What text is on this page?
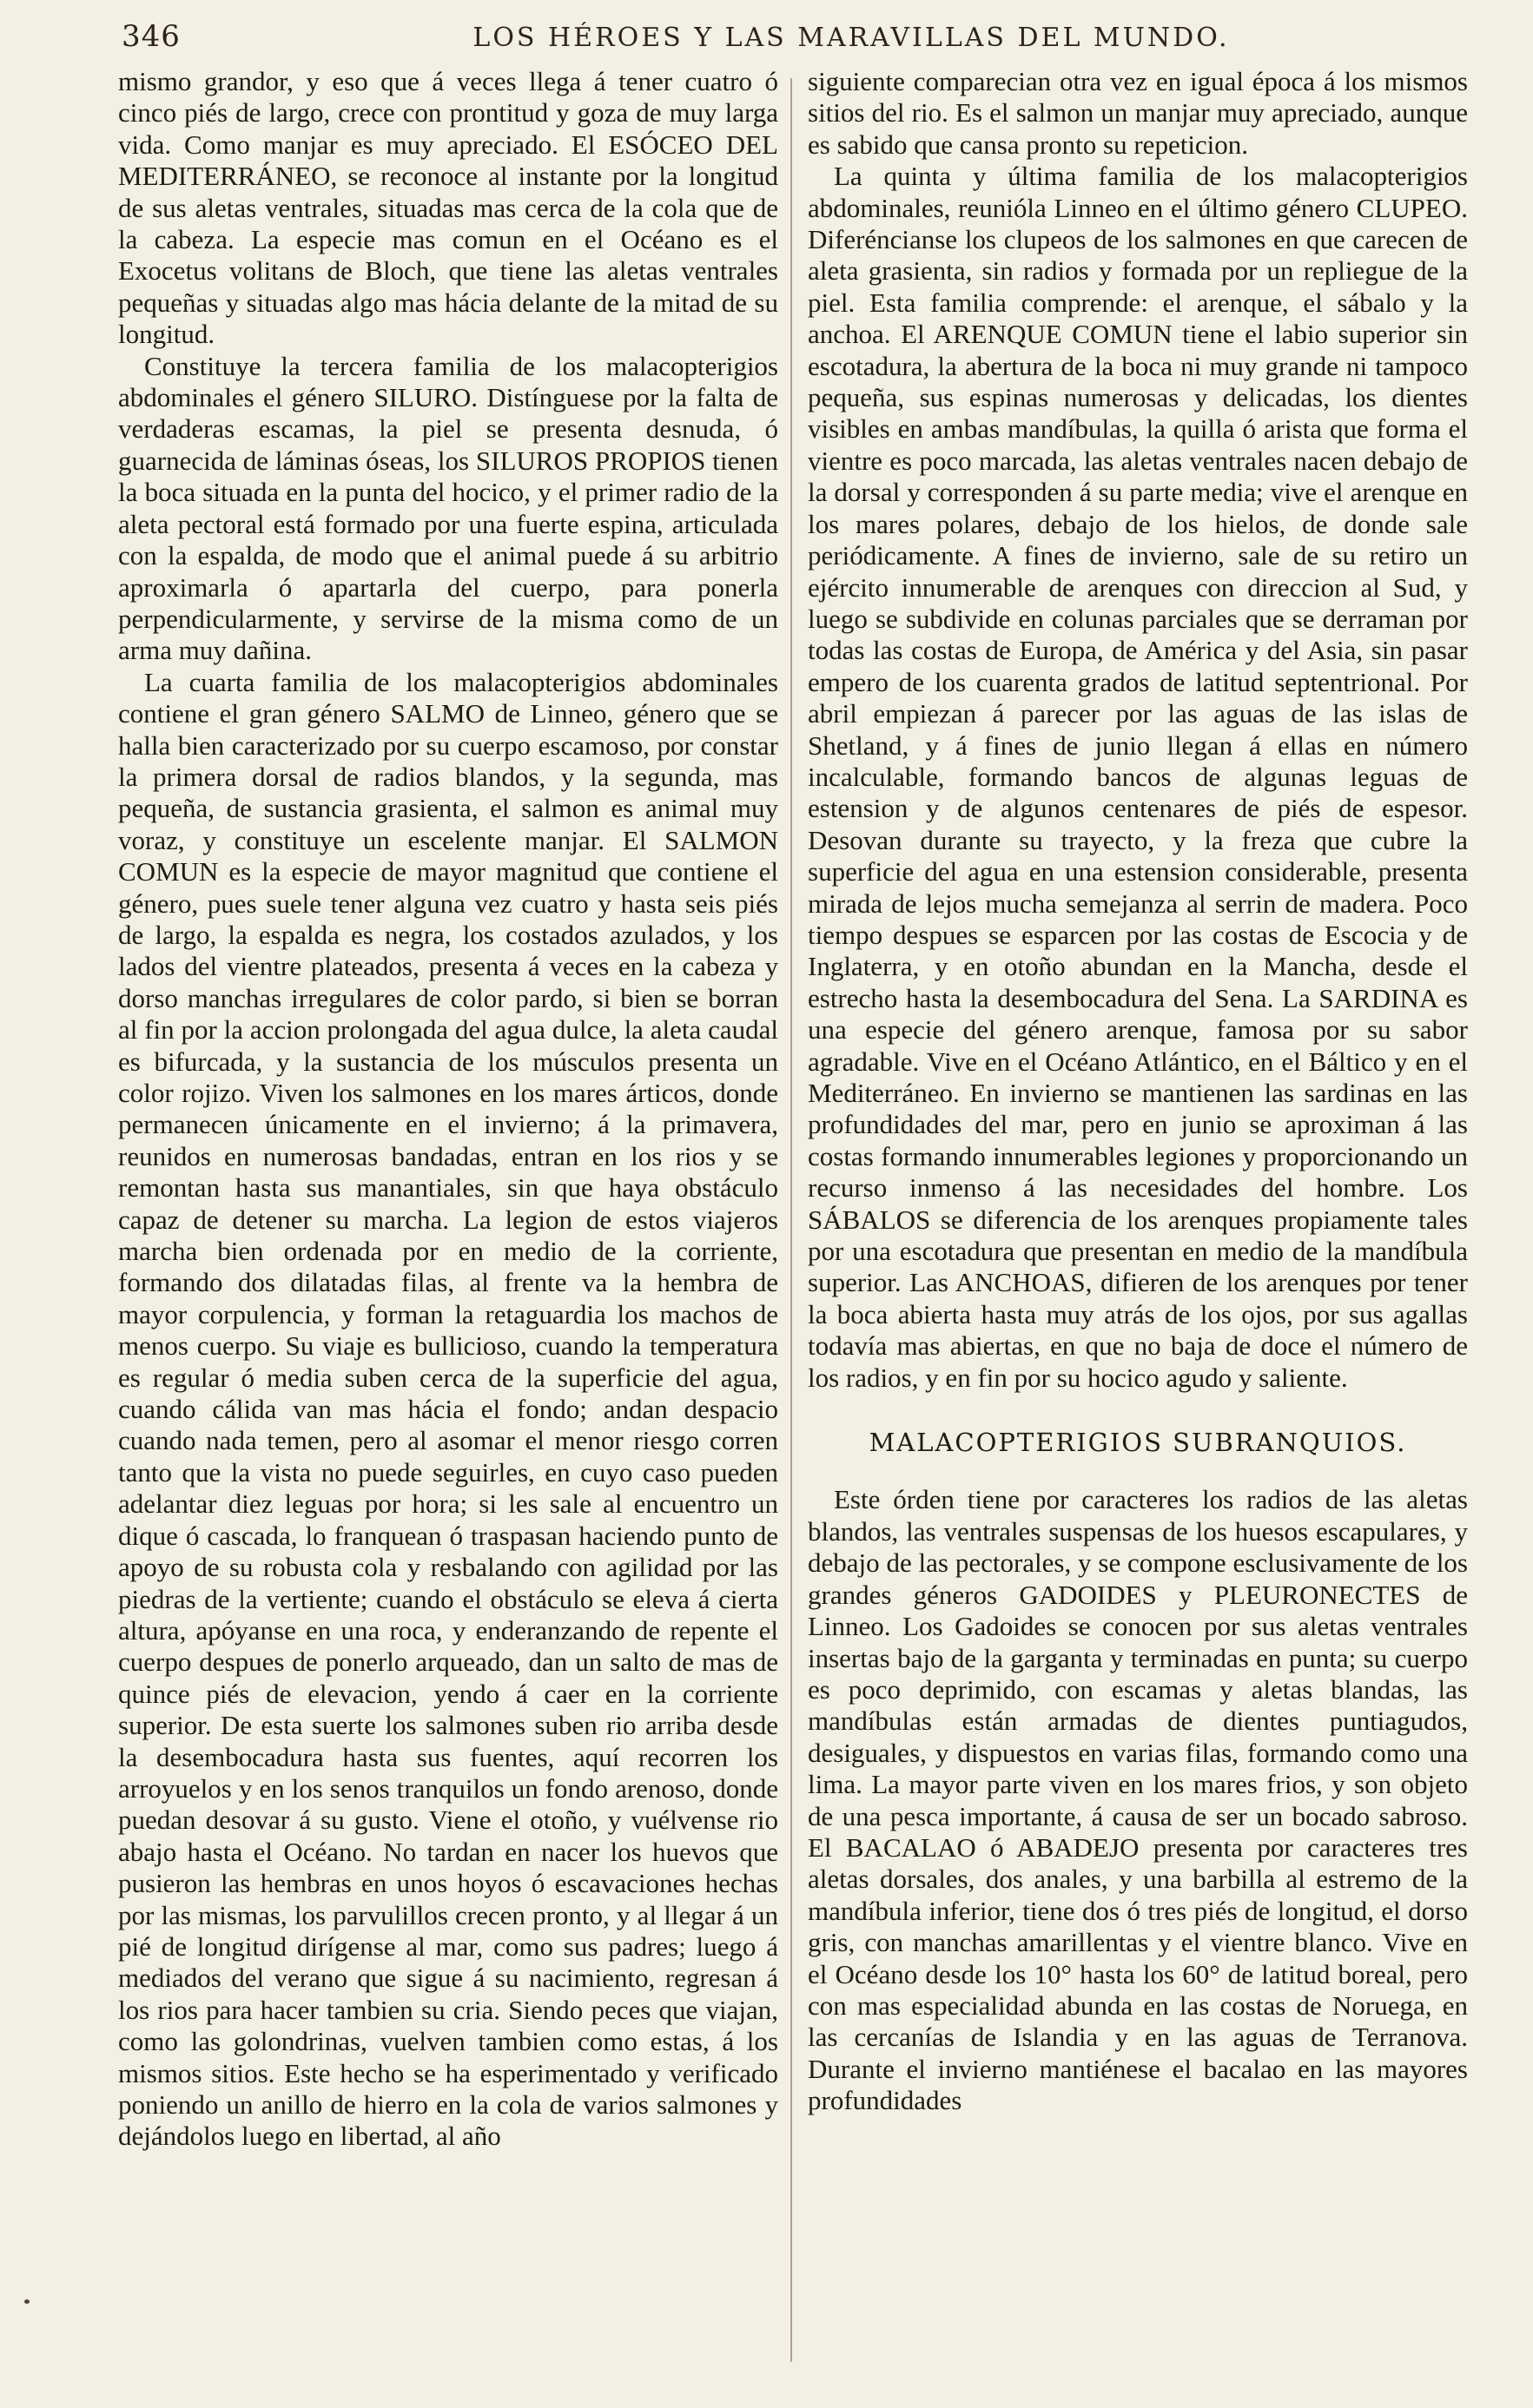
346	LOS HÉROES Y LAS MARAVILLAS DEL MUNDO.

mismo grandor, y eso que á veces llega á tener cuatro ó cinco piés de largo, crece con prontitud y goza de muy larga vida. Como manjar es muy apreciado. El ESÓCEO DEL MEDITERRÁNEO, se reconoce al instante por la longitud de sus aletas ventrales, situadas mas cerca de la cola que de la cabeza. La especie mas comun en el Océano es el Exocetus volitans de Bloch, que tiene las aletas ventrales pequeñas y situadas algo mas hácia delante de la mitad de su longitud.

Constituye la tercera familia de los malacopterigios abdominales el género SILURO. Distínguese por la falta de verdaderas escamas, la piel se presenta desnuda, ó guarnecida de láminas óseas, los SILUROS PROPIOS tienen la boca situada en la punta del hocico, y el primer radio de la aleta pectoral está formado por una fuerte espina, articulada con la espalda, de modo que el animal puede á su arbitrio aproximarla ó apartarla del cuerpo, para ponerla perpendicularmente, y servirse de la misma como de un arma muy dañina.

La cuarta familia de los malacopterigios abdominales contiene el gran género SALMO de Linneo, género que se halla bien caracterizado por su cuerpo escamoso, por constar la primera dorsal de radios blandos, y la segunda, mas pequeña, de sustancia grasienta, el salmon es animal muy voraz, y constituye un escelente manjar. El SALMON COMUN es la especie de mayor magnitud que contiene el género, pues suele tener alguna vez cuatro y hasta seis piés de largo, la espalda es negra, los costados azulados, y los lados del vientre plateados, presenta á veces en la cabeza y dorso manchas irregulares de color pardo, si bien se borran al fin por la accion prolongada del agua dulce, la aleta caudal es bifurcada, y la sustancia de los músculos presenta un color rojizo. Viven los salmones en los mares árticos, donde permanecen únicamente en el invierno; á la primavera, reunidos en numerosas bandadas, entran en los rios y se remontan hasta sus manantiales, sin que haya obstáculo capaz de detener su marcha. La legion de estos viajeros marcha bien ordenada por en medio de la corriente, formando dos dilatadas filas, al frente va la hembra de mayor corpulencia, y forman la retaguardia los machos de menos cuerpo. Su viaje es bullicioso, cuando la temperatura es regular ó media suben cerca de la superficie del agua, cuando cálida van mas hácia el fondo; andan despacio cuando nada temen, pero al asomar el menor riesgo corren tanto que la vista no puede seguirles, en cuyo caso pueden adelantar diez leguas por hora; si les sale al encuentro un dique ó cascada, lo franquean ó traspasan haciendo punto de apoyo de su robusta cola y resbalando con agilidad por las piedras de la vertiente; cuando el obstáculo se eleva á cierta altura, apóyanse en una roca, y enderanzando de repente el cuerpo despues de ponerlo arqueado, dan un salto de mas de quince piés de elevacion, yendo á caer en la corriente superior. De esta suerte los salmones suben rio arriba desde la desembocadura hasta sus fuentes, aquí recorren los arroyuelos y en los senos tranquilos un fondo arenoso, donde puedan desovar á su gusto. Viene el otoño, y vuélvense rio abajo hasta el Océano. No tardan en nacer los huevos que pusieron las hembras en unos hoyos ó escavaciones hechas por las mismas, los parvulillos crecen pronto, y al llegar á un pié de longitud dirígense al mar, como sus padres; luego á mediados del verano que sigue á su nacimiento, regresan á los rios para hacer tambien su cria. Siendo peces que viajan, como las golondrinas, vuelven tambien como estas, á los mismos sitios. Este hecho se ha esperimentado y verificado poniendo un anillo de hierro en la cola de varios salmones y dejándolos luego en libertad, al año

siguiente comparecian otra vez en igual época á los mismos sitios del rio. Es el salmon un manjar muy apreciado, aunque es sabido que cansa pronto su repeticion.

La quinta y última familia de los malacopterigios abdominales, reunióla Linneo en el último género CLUPEO. Diferéncianse los clupeos de los salmones en que carecen de aleta grasienta, sin radios y formada por un repliegue de la piel. Esta familia comprende: el arenque, el sábalo y la anchoa. El ARENQUE COMUN tiene el labio superior sin escotadura, la abertura de la boca ni muy grande ni tampoco pequeña, sus espinas numerosas y delicadas, los dientes visibles en ambas mandíbulas, la quilla ó arista que forma el vientre es poco marcada, las aletas ventrales nacen debajo de la dorsal y corresponden á su parte media; vive el arenque en los mares polares, debajo de los hielos, de donde sale periódicamente. A fines de invierno, sale de su retiro un ejército innumerable de arenques con direccion al Sud, y luego se subdivide en colunas parciales que se derraman por todas las costas de Europa, de América y del Asia, sin pasar empero de los cuarenta grados de latitud septentrional. Por abril empiezan á parecer por las aguas de las islas de Shetland, y á fines de junio llegan á ellas en número incalculable, formando bancos de algunas leguas de estension y de algunos centenares de piés de espesor. Desovan durante su trayecto, y la freza que cubre la superficie del agua en una estension considerable, presenta mirada de lejos mucha semejanza al serrin de madera. Poco tiempo despues se esparcen por las costas de Escocia y de Inglaterra, y en otoño abundan en la Mancha, desde el estrecho hasta la desembocadura del Sena. La SARDINA es una especie del género arenque, famosa por su sabor agradable. Vive en el Océano Atlántico, en el Báltico y en el Mediterráneo. En invierno se mantienen las sardinas en las profundidades del mar, pero en junio se aproximan á las costas formando innumerables legiones y proporcionando un recurso inmenso á las necesidades del hombre. Los SÁBALOS se diferencia de los arenques propiamente tales por una escotadura que presentan en medio de la mandíbula superior. Las ANCHOAS, difieren de los arenques por tener la boca abierta hasta muy atrás de los ojos, por sus agallas todavía mas abiertas, en que no baja de doce el número de los radios, y en fin por su hocico agudo y saliente.

MALACOPTERIGIOS SUBRANQUIOS.

Este órden tiene por caracteres los radios de las aletas blandos, las ventrales suspensas de los huesos escapulares, y debajo de las pectorales, y se compone esclusivamente de los grandes géneros GADOIDES y PLEURONECTES de Linneo. Los Gadoides se conocen por sus aletas ventrales insertas bajo de la garganta y terminadas en punta; su cuerpo es poco deprimido, con escamas y aletas blandas, las mandíbulas están armadas de dientes puntiagudos, desiguales, y dispuestos en varias filas, formando como una lima. La mayor parte viven en los mares frios, y son objeto de una pesca importante, á causa de ser un bocado sabroso. El BACALAO ó ABADEJO presenta por caracteres tres aletas dorsales, dos anales, y una barbilla al estremo de la mandíbula inferior, tiene dos ó tres piés de longitud, el dorso gris, con manchas amarillentas y el vientre blanco. Vive en el Océano desde los 10° hasta los 60° de latitud boreal, pero con mas especialidad abunda en las costas de Noruega, en las cercanías de Islandia y en las aguas de Terranova. Durante el invierno mantiénese el bacalao en las mayores profundidades
